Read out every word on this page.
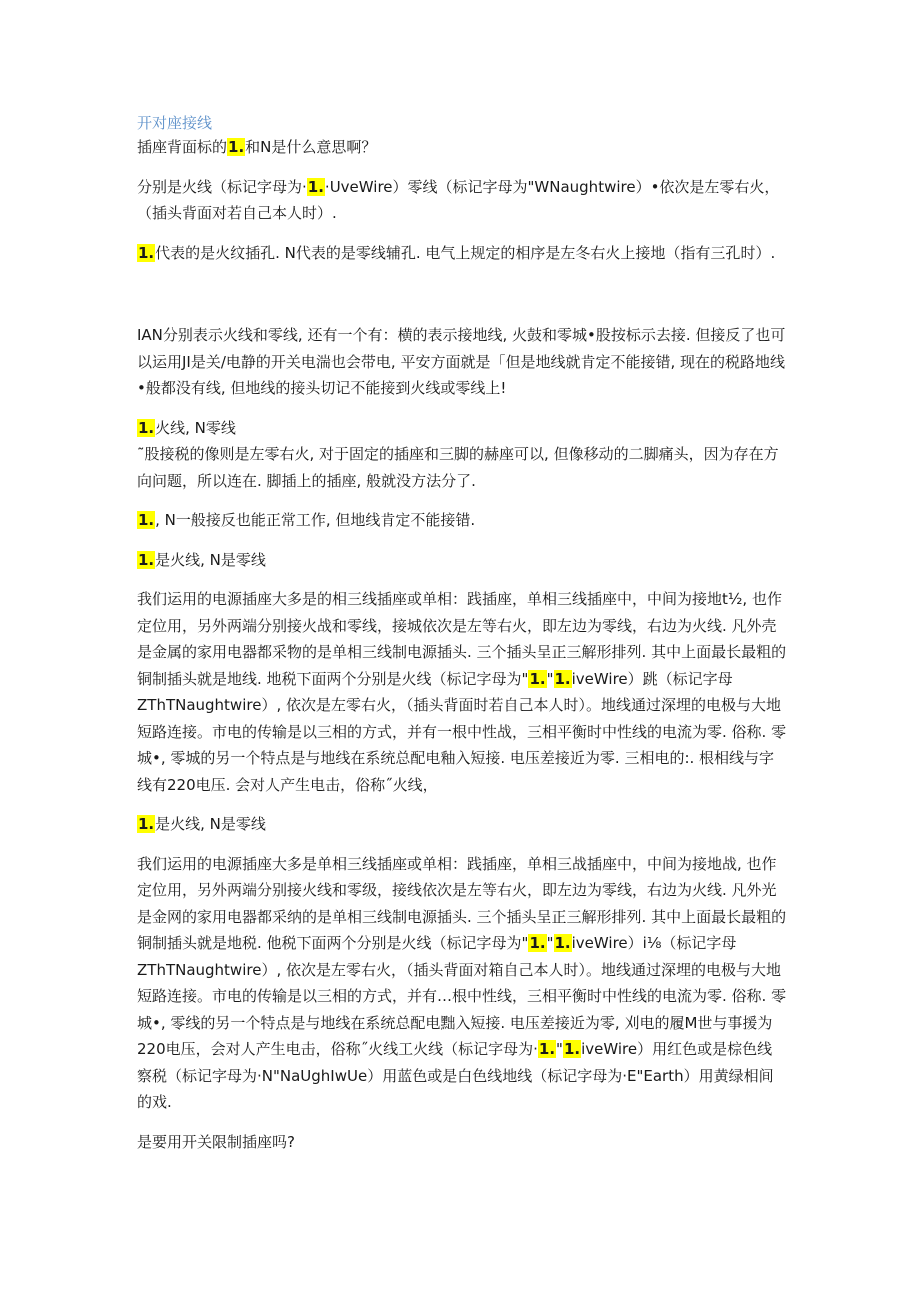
开对座接线

插座背面标的1.和N是什么意思啊？

分别是火线（标记字母为·1.·UveWire）零线（标记字母为"WNaughtwire）•依次是左零右火，（插头背面对若自己本人时）.

1.代表的是火纹插孔. N代表的是零线辅孔. 电气上规定的相序是左冬右火上接地（指有三孔时）.

IAN分别表示火线和零线, 还有一个有：横的表示接地线, 火鼓和零城•股按标示去接. 但接反了也可以运用JI是关/电静的开关电湍也会带电, 平安方面就是「但是地线就肯定不能接错, 现在的税路地线•般都没有线, 但地线的接头切记不能接到火线或零线上!

1.火线, N零线

˜股接税的像则是左零右火, 对于固定的插座和三脚的赫座可以, 但像移动的二脚痛头，因为存在方向问题，所以连在. 脚插上的插座, 般就没方法分了.

1., N一般接反也能正常工作, 但地线肯定不能接错.

1.是火线, N是零线

我们运用的电源插座大多是的相三线插座或单相：践插座，单相三线插座中，中间为接地t½, 也作定位用，另外两端分别接火战和零线，接城依次是左等右火，即左边为零线，右边为火线. 凡外壳是金属的家用电器都采物的是单相三线制电源插头. 三个插头呈正三解形排列. 其中上面最长最粗的铜制插头就是地线. 地税下面两个分别是火线（标记字母为"1."1.iveWire）跳（标记字母ZThTNaughtwire）, 依次是左零右火，（插头背面时若自己本人时）。地线通过深埋的电极与大地短路连接。市电的传输是以三相的方式，并有一根中性战，三相平衡时中性线的电流为零. 俗称. 零城•, 零城的另一个特点是与地线在系统总配电釉入短接. 电压差接近为零. 三相电的:. 根相线与字线有220电压. 会对人产生电击，俗称˝火线，

1.是火线, N是零线

我们运用的电源插座大多是单相三线插座或单相：践插座，单相三战插座中，中间为接地战, 也作定位用，另外两端分别接火线和零级，接线依次是左等右火，即左边为零线，右边为火线. 凡外光是金网的家用电器都采纳的是单相三线制电源插头. 三个插头呈正三解形排列. 其中上面最长最粗的铜制插头就是地税. 他税下面两个分别是火线（标记字母为"1."1.iveWire）i⅛（标记字母ZThTNaughtwire）, 依次是左零右火，（插头背面对箱自己本人时）。地线通过深埋的电极与大地短路连接。市电的传输是以三相的方式，并有…根中性线，三相平衡时中性线的电流为零. 俗称. 零城•, 零线的另一个特点是与地线在系统总配电黜入短接. 电压差接近为零, 刈电的履M世与事援为220电压，会对人产生电击，俗称˝火线工火线（标记字母为·1."1.iveWire）用红色或是棕色线察税（标记字母为·N"NaUghIwUe）用蓝色或是白色线地线（标记字母为·E"Earth）用黄绿相间的戏.

是要用开关限制插座吗?
